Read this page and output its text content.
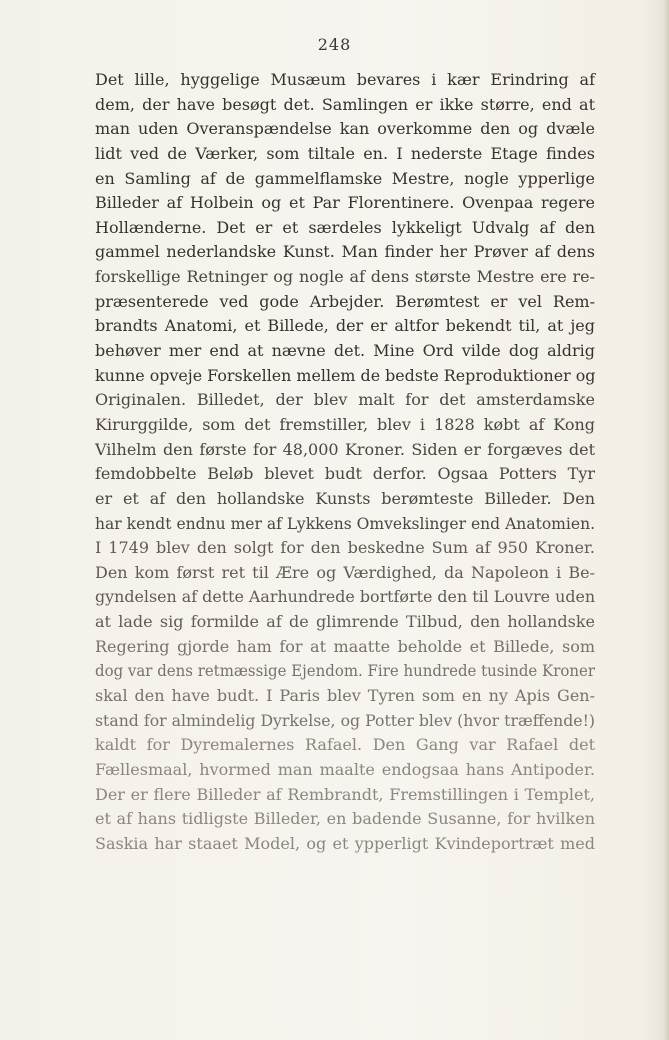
248
Det lille, hyggelige Musæum bevares i kær Erindring af
dem, der have besøgt det. Samlingen er ikke større, end at
man uden Overanspændelse kan overkomme den og dvæle
lidt ved de Værker, som tiltale en. I nederste Etage findes
en Samling af de gammelflamske Mestre, nogle ypperlige
Billeder af Holbein og et Par Florentinere. Ovenpaa regere
Hollænderne. Det er et særdeles lykkeligt Udvalg af den
gammel nederlandske Kunst. Man finder her Prøver af dens
forskellige Retninger og nogle af dens største Mestre ere re-
præsenterede ved gode Arbejder. Berømtest er vel Rem-
brandts Anatomi, et Billede, der er altfor bekendt til, at jeg
behøver mer end at nævne det. Mine Ord vilde dog aldrig
kunne opveje Forskellen mellem de bedste Reproduktioner og
Originalen. Billedet, der blev malt for det amsterdamske
Kirurggilde, som det fremstiller, blev i 1828 købt af Kong
Vilhelm den første for 48,000 Kroner. Siden er forgæves det
femdobbelte Beløb blevet budt derfor. Ogsaa Potters Tyr
er et af den hollandske Kunsts berømteste Billeder. Den
har kendt endnu mer af Lykkens Omvekslinger end Anatomien.
I 1749 blev den solgt for den beskedne Sum af 950 Kroner.
Den kom først ret til Ære og Værdighed, da Napoleon i Be-
gyndelsen af dette Aarhundrede bortførte den til Louvre uden
at lade sig formilde af de glimrende Tilbud, den hollandske
Regering gjorde ham for at maatte beholde et Billede, som
dog var dens retmæssige Ejendom. Fire hundrede tusinde Kroner
skal den have budt. I Paris blev Tyren som en ny Apis Gen-
stand for almindelig Dyrkelse, og Potter blev (hvor træffende!)
kaldt for Dyremalernes Rafael. Den Gang var Rafael det
Fællesmaal, hvormed man maalte endogsaa hans Antipoder.
Der er flere Billeder af Rembrandt, Fremstillingen i Templet,
et af hans tidligste Billeder, en badende Susanne, for hvilken
Saskia har staaet Model, og et ypperligt Kvindeportræt med
